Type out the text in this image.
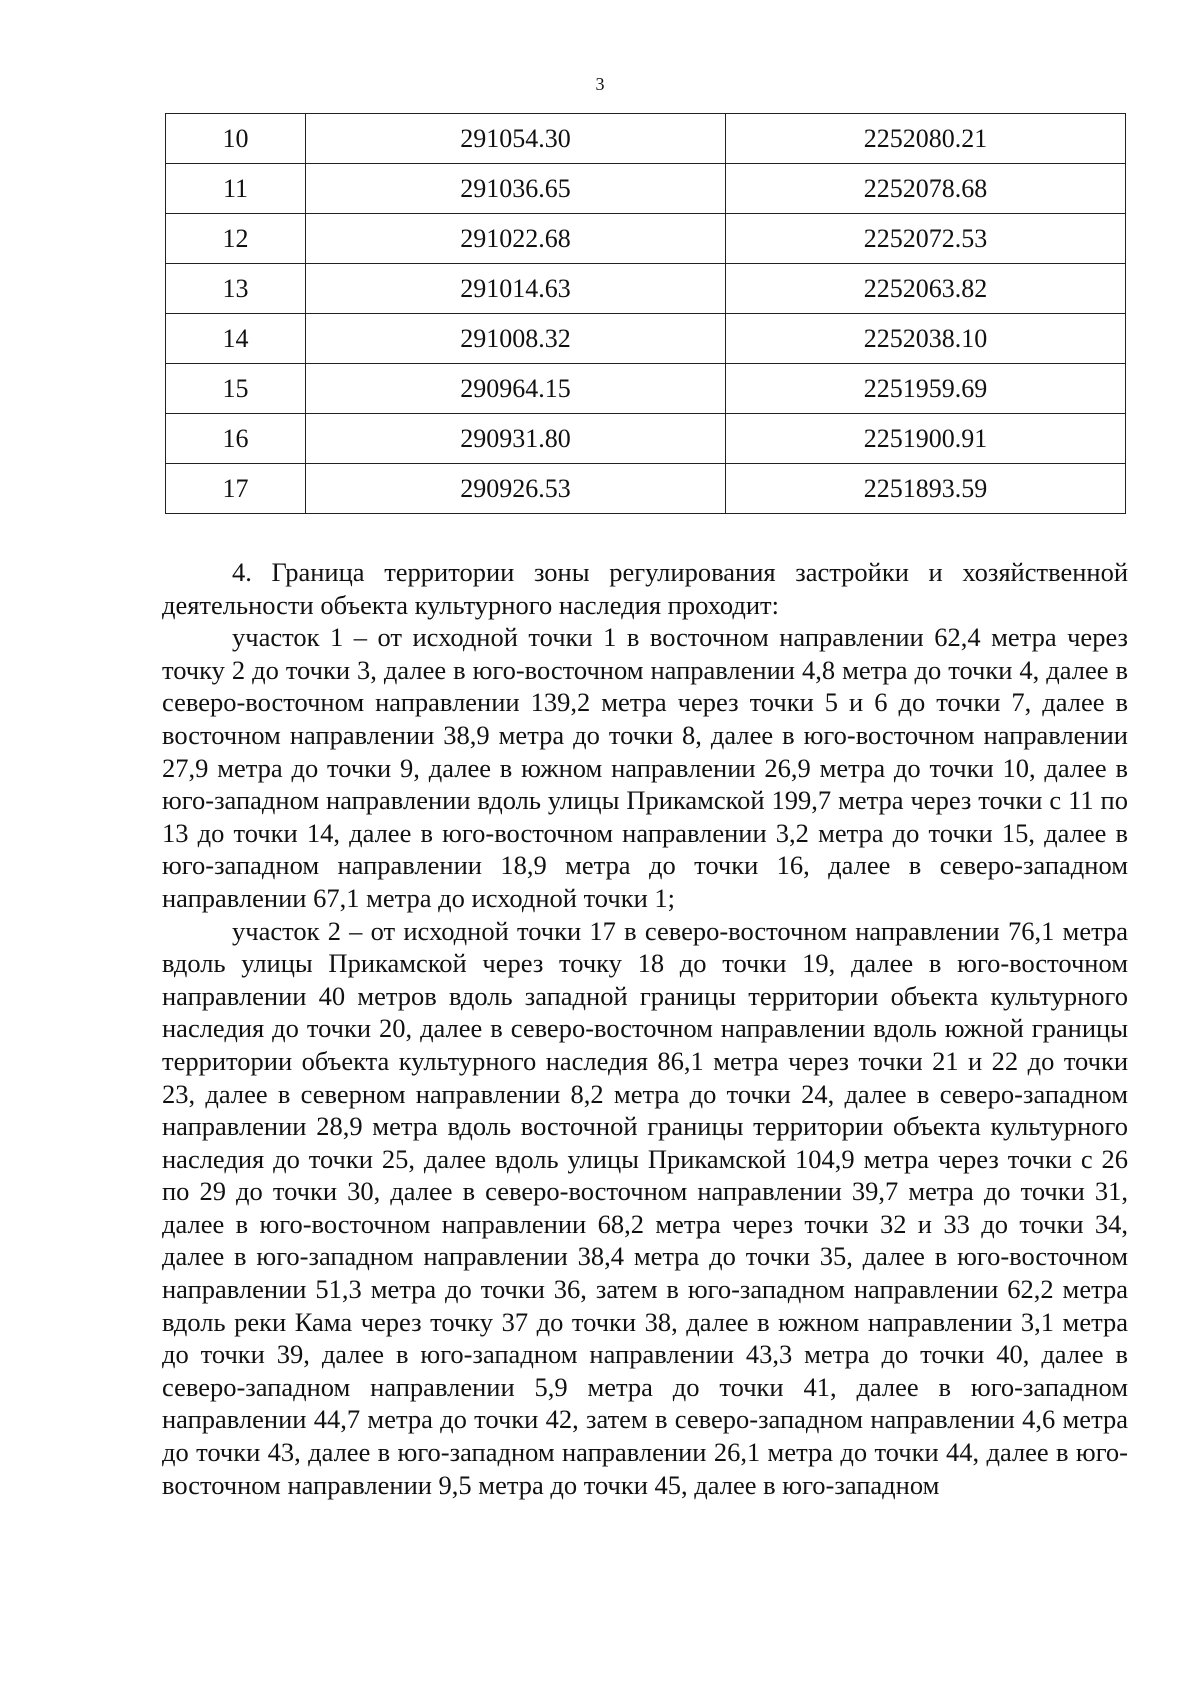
3
10	291054.30	2252080.21
11	291036.65	2252078.68
12	291022.68	2252072.53
13	291014.63	2252063.82
14	291008.32	2252038.10
15	290964.15	2251959.69
16	290931.80	2251900.91
17	290926.53	2251893.59

4. Граница территории зоны регулирования застройки и хозяйственной деятельности объекта культурного наследия проходит:

участок 1 – от исходной точки 1 в восточном направлении 62,4 метра через точку 2 до точки 3, далее в юго-восточном направлении 4,8 метра до точки 4, далее в северо-восточном направлении 139,2 метра через точки 5 и 6 до точки 7, далее в восточном направлении 38,9 метра до точки 8, далее в юго-восточном направлении 27,9 метра до точки 9, далее в южном направлении 26,9 метра до точки 10, далее в юго-западном направлении вдоль улицы Прикамской 199,7 метра через точки с 11 по 13 до точки 14, далее в юго-восточном направлении 3,2 метра до точки 15, далее в юго-западном направлении 18,9 метра до точки 16, далее в северо-западном направлении 67,1 метра до исходной точки 1;

участок 2 – от исходной точки 17 в северо-восточном направлении 76,1 метра вдоль улицы Прикамской через точку 18 до точки 19, далее в юго-восточном направлении 40 метров вдоль западной границы территории объекта культурного наследия до точки 20, далее в северо-восточном направлении вдоль южной границы территории объекта культурного наследия 86,1 метра через точки 21 и 22 до точки 23, далее в северном направлении 8,2 метра до точки 24, далее в северо-западном направлении 28,9 метра вдоль восточной границы территории объекта культурного наследия до точки 25, далее вдоль улицы Прикамской 104,9 метра через точки с 26 по 29 до точки 30, далее в северо-восточном направлении 39,7 метра до точки 31, далее в юго-восточном направлении 68,2 метра через точки 32 и 33 до точки 34, далее в юго-западном направлении 38,4 метра до точки 35, далее в юго-восточном направлении 51,3 метра до точки 36, затем в юго-западном направлении 62,2 метра вдоль реки Кама через точку 37 до точки 38, далее в южном направлении 3,1 метра до точки 39, далее в юго-западном направлении 43,3 метра до точки 40, далее в северо-западном направлении 5,9 метра до точки 41, далее в юго-западном направлении 44,7 метра до точки 42, затем в северо-западном направлении 4,6 метра до точки 43, далее в юго-западном направлении 26,1 метра до точки 44, далее в юго-восточном направлении 9,5 метра до точки 45, далее в юго-западном
